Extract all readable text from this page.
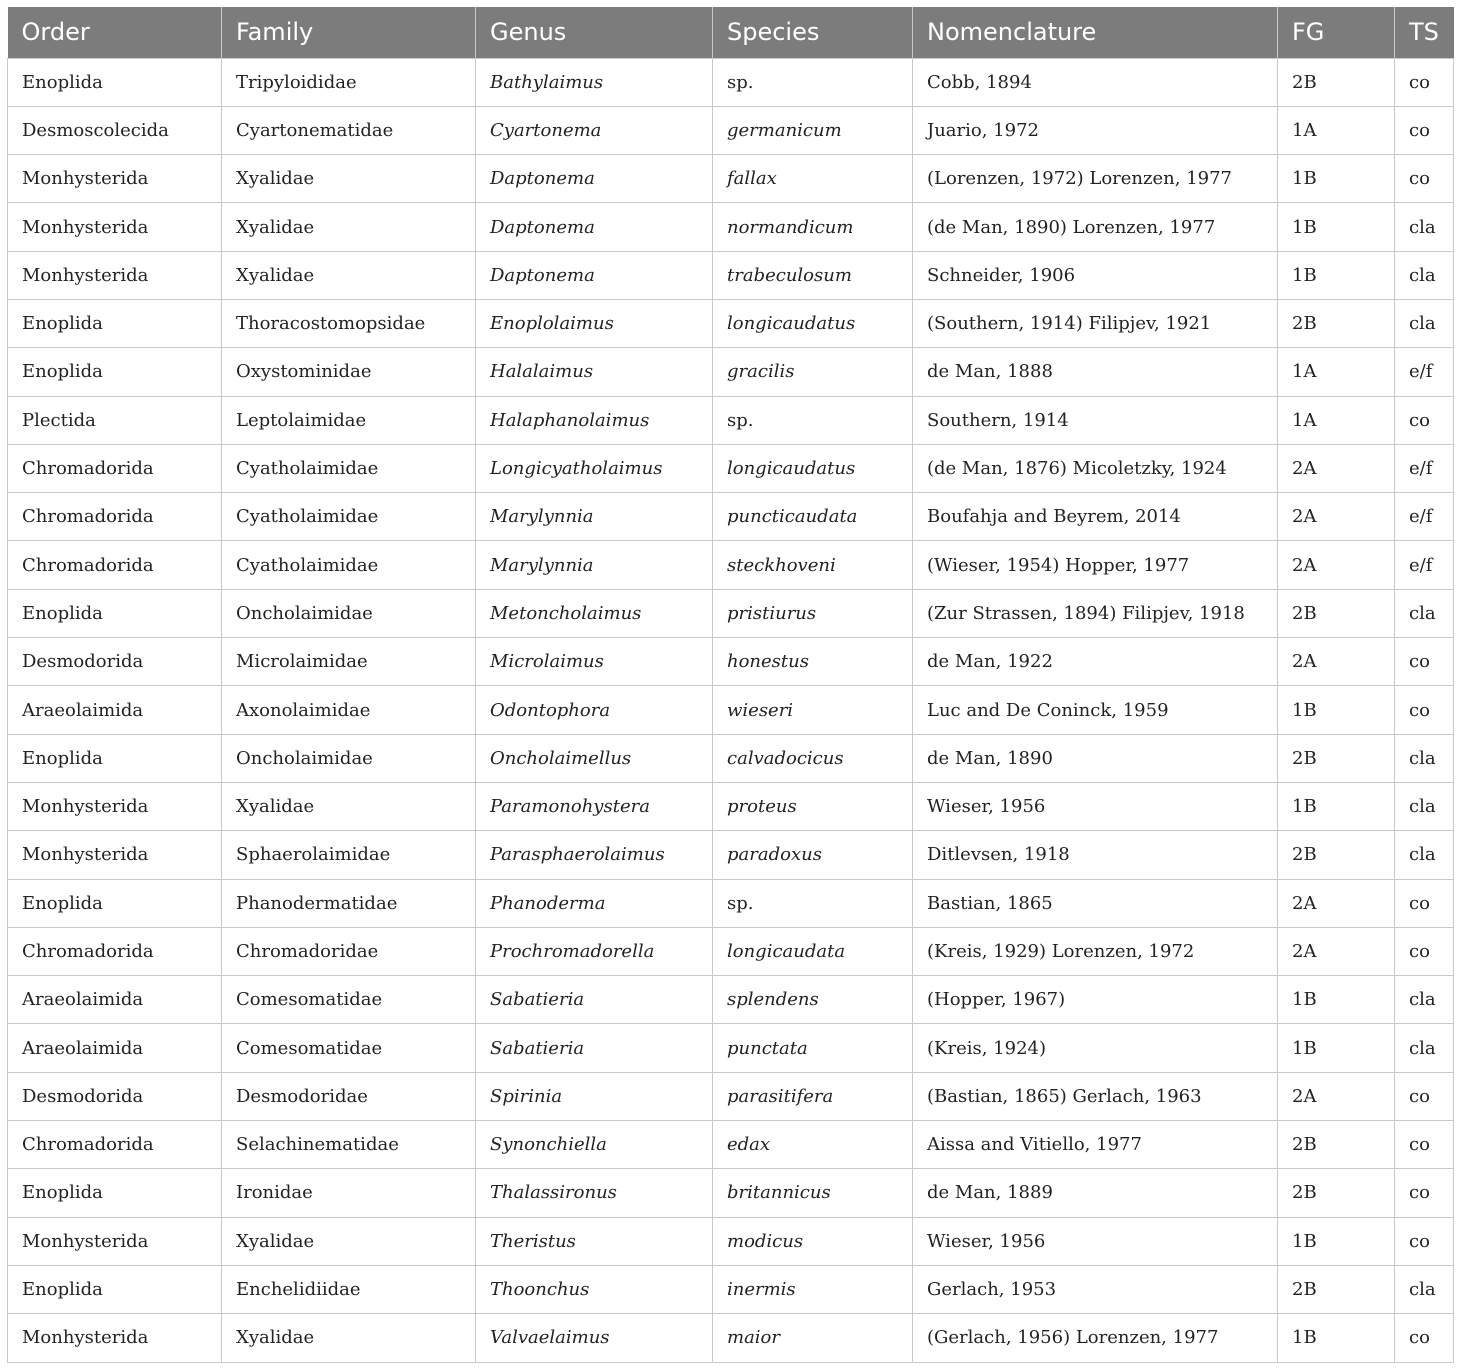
Order	Family	Genus	Species	Nomenclature	FG	TS
Enoplida	Tripyloididae	Bathylaimus	sp.	Cobb, 1894	2B	co
Desmoscolecida	Cyartonematidae	Cyartonema	germanicum	Juario, 1972	1A	co
Monhysterida	Xyalidae	Daptonema	fallax	(Lorenzen, 1972) Lorenzen, 1977	1B	co
Monhysterida	Xyalidae	Daptonema	normandicum	(de Man, 1890) Lorenzen, 1977	1B	cla
Monhysterida	Xyalidae	Daptonema	trabeculosum	Schneider, 1906	1B	cla
Enoplida	Thoracostomopsidae	Enoplolaimus	longicaudatus	(Southern, 1914) Filipjev, 1921	2B	cla
Enoplida	Oxystominidae	Halalaimus	gracilis	de Man, 1888	1A	e/f
Plectida	Leptolaimidae	Halaphanolaimus	sp.	Southern, 1914	1A	co
Chromadorida	Cyatholaimidae	Longicyatholaimus	longicaudatus	(de Man, 1876) Micoletzky, 1924	2A	e/f
Chromadorida	Cyatholaimidae	Marylynnia	puncticaudata	Boufahja and Beyrem, 2014	2A	e/f
Chromadorida	Cyatholaimidae	Marylynnia	steckhoveni	(Wieser, 1954) Hopper, 1977	2A	e/f
Enoplida	Oncholaimidae	Metoncholaimus	pristiurus	(Zur Strassen, 1894) Filipjev, 1918	2B	cla
Desmodorida	Microlaimidae	Microlaimus	honestus	de Man, 1922	2A	co
Araeolaimida	Axonolaimidae	Odontophora	wieseri	Luc and De Coninck, 1959	1B	co
Enoplida	Oncholaimidae	Oncholaimellus	calvadocicus	de Man, 1890	2B	cla
Monhysterida	Xyalidae	Paramonohystera	proteus	Wieser, 1956	1B	cla
Monhysterida	Sphaerolaimidae	Parasphaerolaimus	paradoxus	Ditlevsen, 1918	2B	cla
Enoplida	Phanodermatidae	Phanoderma	sp.	Bastian, 1865	2A	co
Chromadorida	Chromadoridae	Prochromadorella	longicaudata	(Kreis, 1929) Lorenzen, 1972	2A	co
Araeolaimida	Comesomatidae	Sabatieria	splendens	(Hopper, 1967)	1B	cla
Araeolaimida	Comesomatidae	Sabatieria	punctata	(Kreis, 1924)	1B	cla
Desmodorida	Desmodoridae	Spirinia	parasitifera	(Bastian, 1865) Gerlach, 1963	2A	co
Chromadorida	Selachinematidae	Synonchiella	edax	Aissa and Vitiello, 1977	2B	co
Enoplida	Ironidae	Thalassironus	britannicus	de Man, 1889	2B	co
Monhysterida	Xyalidae	Theristus	modicus	Wieser, 1956	1B	co
Enoplida	Enchelidiidae	Thoonchus	inermis	Gerlach, 1953	2B	cla
Monhysterida	Xyalidae	Valvaelaimus	maior	(Gerlach, 1956) Lorenzen, 1977	1B	co
